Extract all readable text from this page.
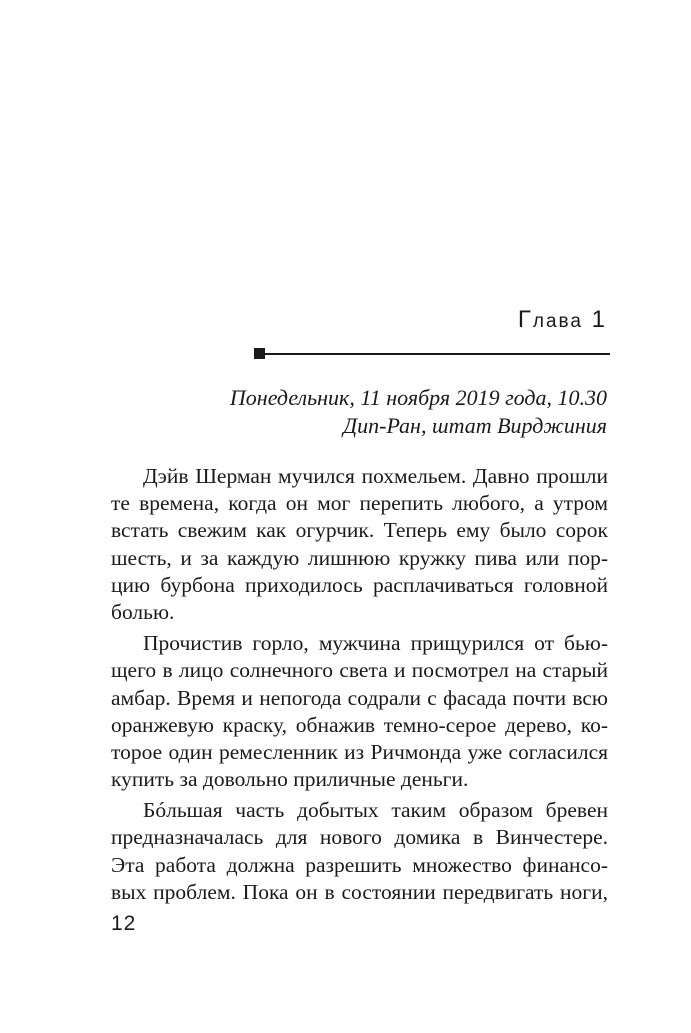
Глава 1
Понедельник, 11 ноября 2019 года, 10.30
Дип-Ран, штат Вирджиния
Дэйв Шерман мучился похмельем. Давно прошли
те времена, когда он мог перепить любого, а утром
встать свежим как огурчик. Теперь ему было сорок
шесть, и за каждую лишнюю кружку пива или пор-
цию бурбона приходилось расплачиваться головной
болью.
Прочистив горло, мужчина прищурился от бью-
щего в лицо солнечного света и посмотрел на старый
амбар. Время и непогода содрали с фасада почти всю
оранжевую краску, обнажив темно-серое дерево, ко-
торое один ремесленник из Ричмонда уже согласился
купить за довольно приличные деньги.
Бóльшая часть добытых таким образом бревен
предназначалась для нового домика в Винчестере.
Эта работа должна разрешить множество финансо-
вых проблем. Пока он в состоянии передвигать ноги,
12
